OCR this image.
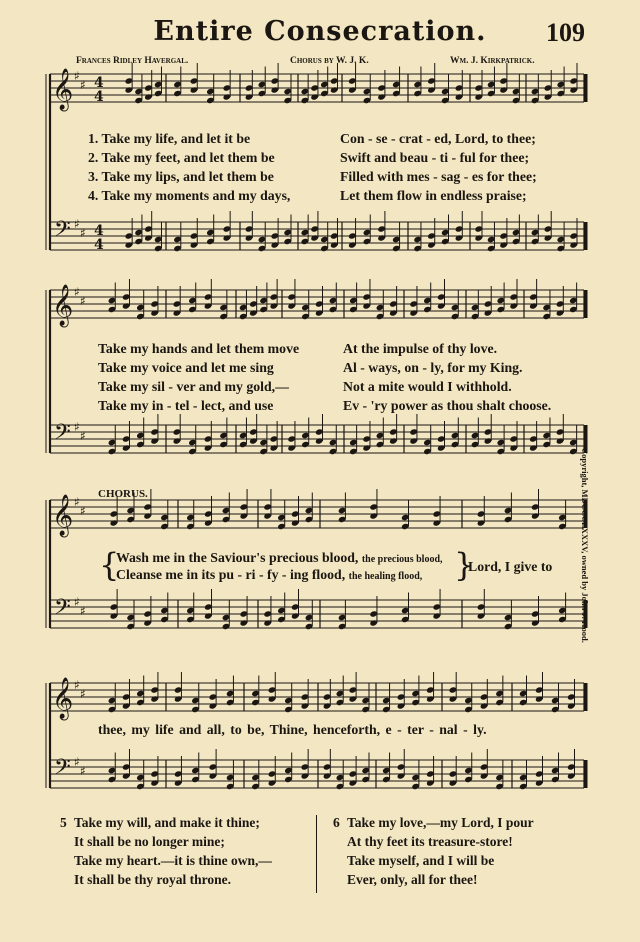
Entire Consecration.	109
Frances Ridley Havergal.	Chorus by W. J. K.	Wm. J. Kirkpatrick.
𝄞
𝄢
♯
♯
♯
♯
4
4
4
4
𝄞
𝄢
♯
♯
♯
♯
𝄞
𝄢
♯
♯
♯
♯
𝄞
𝄢
♯
♯
♯
♯
1. Take my life, and let it be	Con - se - crat - ed, Lord, to thee;
2. Take my feet, and let them be	Swift and beau - ti - ful for thee;
3. Take my lips, and let them be	Filled with mes - sag - es for thee;
4. Take my moments and my days,	Let them flow in endless praise;
Take my hands and let them move	At the impulse of thy love.
Take my voice and let me sing	Al - ways, on - ly, for my King.
Take my sil - ver and my gold,—	Not a mite would I withhold.
Take my in - tel - lect, and use	Ev - 'ry power as thou shalt choose.
CHORUS.
{
Wash me in the Saviour's precious blood, the precious blood,
Cleanse me in its pu - ri - fy - ing flood, the healing flood, }
Lord, I give to
thee, my life and all, to be, Thine, henceforth, e - ter - nal - ly.
Copyright, MDCCCLXXXV, owned by John J. Hood.
5 Take my will, and make it thine;
It shall be no longer mine;
Take my heart.—it is thine own,—
It shall be thy royal throne.
6 Take my love,—my Lord, I pour
At thy feet its treasure-store!
Take myself, and I will be
Ever, only, all for thee!
